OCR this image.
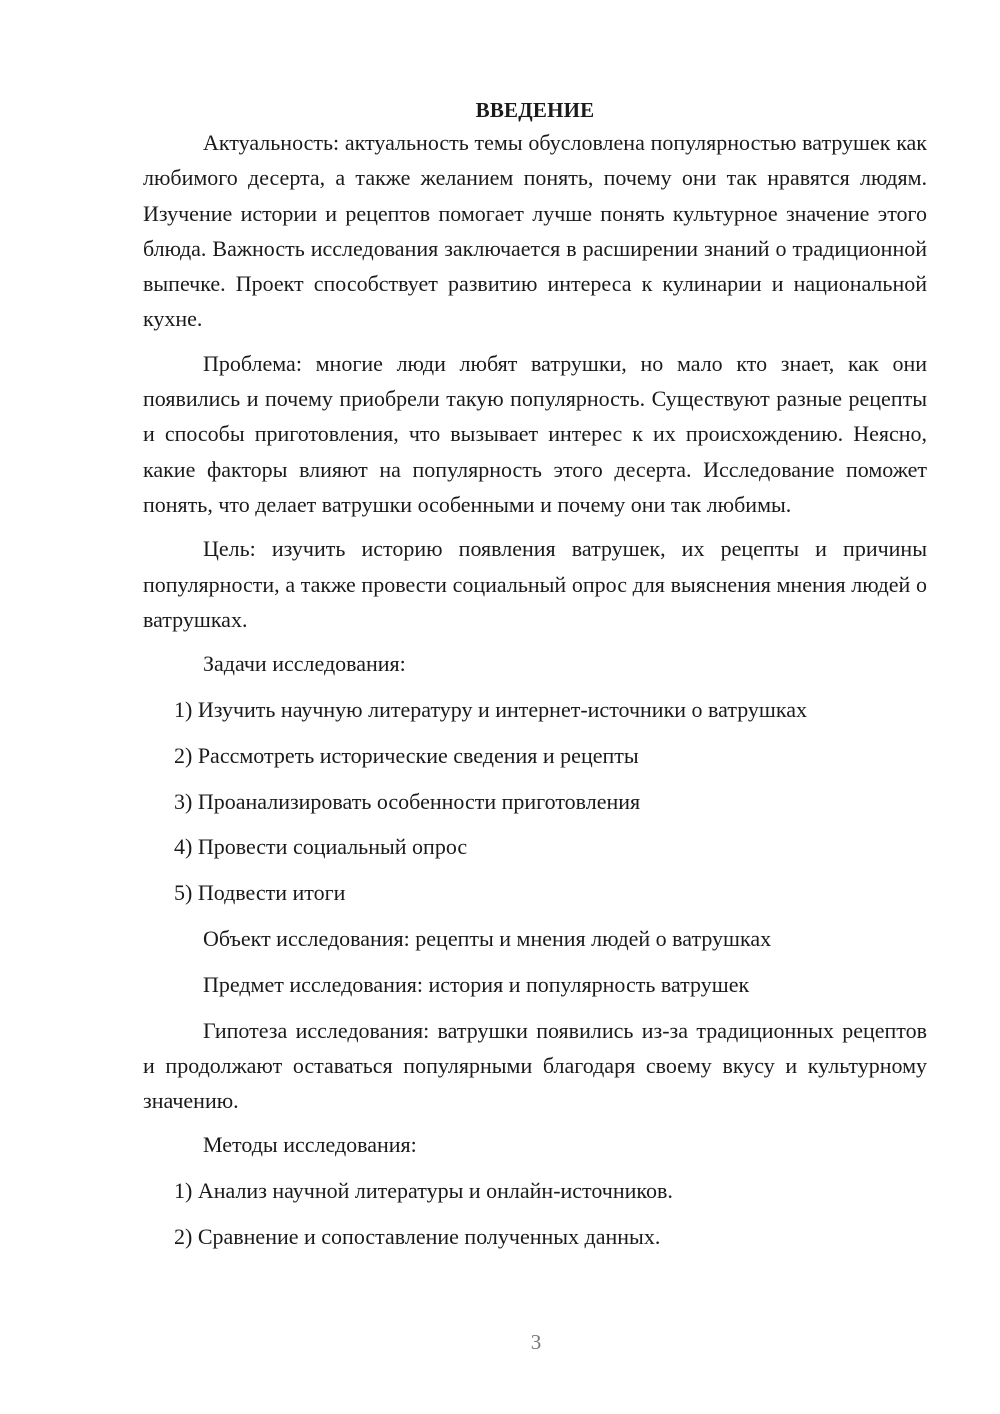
ВВЕДЕНИЕ

Актуальность: актуальность темы обусловлена популярностью ватрушек как любимого десерта, а также желанием понять, почему они так нравятся людям. Изучение истории и рецептов помогает лучше понять культурное значение этого блюда. Важность исследования заключается в расширении знаний о традиционной выпечке. Проект способствует развитию интереса к кулинарии и национальной кухне.

Проблема: многие люди любят ватрушки, но мало кто знает, как они появились и почему приобрели такую популярность. Существуют разные рецепты и способы приготовления, что вызывает интерес к их происхождению. Неясно, какие факторы влияют на популярность этого десерта. Исследование поможет понять, что делает ватрушки особенными и почему они так любимы.

Цель: изучить историю появления ватрушек, их рецепты и причины популярности, а также провести социальный опрос для выяснения мнения людей о ватрушках.

Задачи исследования:

1) Изучить научную литературу и интернет-источники о ватрушках
2) Рассмотреть исторические сведения и рецепты
3) Проанализировать особенности приготовления
4) Провести социальный опрос
5) Подвести итоги

Объект исследования: рецепты и мнения людей о ватрушках

Предмет исследования: история и популярность ватрушек

Гипотеза исследования: ватрушки появились из-за традиционных рецептов и продолжают оставаться популярными благодаря своему вкусу и культурному значению.

Методы исследования:

1) Анализ научной литературы и онлайн-источников.
2) Сравнение и сопоставление полученных данных.
3
